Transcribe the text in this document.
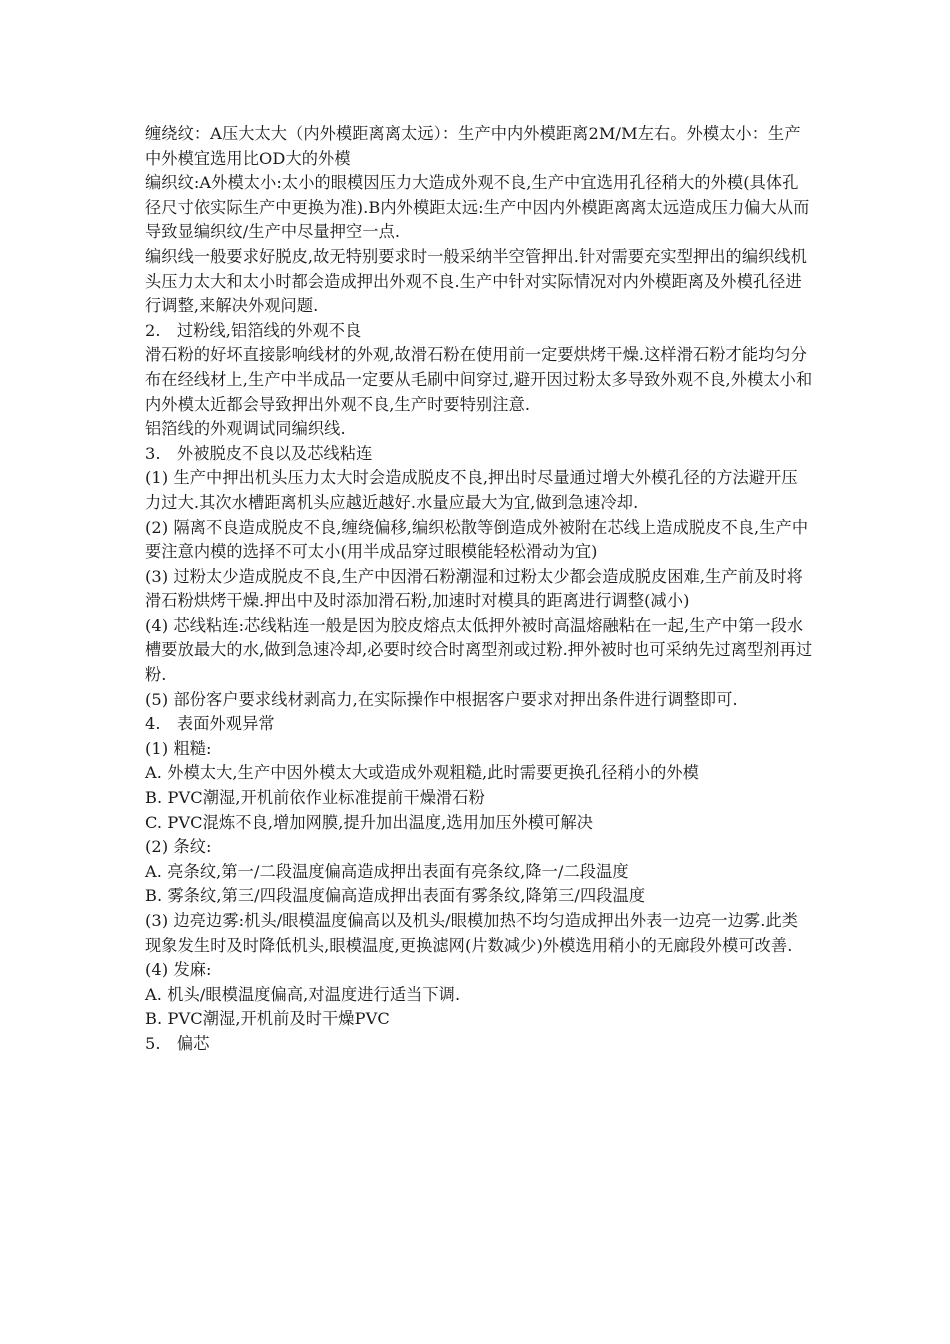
缠绕纹：A压大太大（内外模距离离太远）：生产中内外模距离2M/M左右。外模太小：生产中外模宜选用比OD大的外模

编织纹:A外模太小:太小的眼模因压力大造成外观不良,生产中宜选用孔径稍大的外模(具体孔径尺寸依实际生产中更换为准).B内外模距太远:生产中因内外模距离离太远造成压力偏大从而导致显编织纹/生产中尽量押空一点.

编织线一般要求好脱皮,故无特别要求时一般采纳半空管押出.针对需要充实型押出的编织线机头压力太大和太小时都会造成押出外观不良.生产中针对实际情况对内外模距离及外模孔径进行调整,来解决外观问题.

2.　过粉线,铝箔线的外观不良

滑石粉的好坏直接影响线材的外观,故滑石粉在使用前一定要烘烤干燥.这样滑石粉才能均匀分布在经线材上,生产中半成品一定要从毛刷中间穿过,避开因过粉太多导致外观不良,外模太小和内外模太近都会导致押出外观不良,生产时要特别注意.

铝箔线的外观调试同编织线.

3.　外被脱皮不良以及芯线粘连

(1) 生产中押出机头压力太大时会造成脱皮不良,押出时尽量通过增大外模孔径的方法避开压力过大.其次水槽距离机头应越近越好.水量应最大为宜,做到急速冷却.

(2) 隔离不良造成脱皮不良,缠绕偏移,编织松散等倒造成外被附在芯线上造成脱皮不良,生产中要注意内模的选择不可太小(用半成品穿过眼模能轻松滑动为宜)

(3) 过粉太少造成脱皮不良,生产中因滑石粉潮湿和过粉太少都会造成脱皮困难,生产前及时将滑石粉烘烤干燥.押出中及时添加滑石粉,加速时对模具的距离进行调整(减小)

(4) 芯线粘连:芯线粘连一般是因为胶皮熔点太低押外被时高温熔融粘在一起,生产中第一段水槽要放最大的水,做到急速冷却,必要时绞合时离型剂或过粉.押外被时也可采纳先过离型剂再过粉.

(5) 部份客户要求线材剥高力,在实际操作中根据客户要求对押出条件进行调整即可.

4.　表面外观异常

(1) 粗糙:

A. 外模太大,生产中因外模太大或造成外观粗糙,此时需要更换孔径稍小的外模

B. PVC潮湿,开机前依作业标准提前干燥滑石粉

C. PVC混炼不良,增加网膜,提升加出温度,选用加压外模可解决

(2) 条纹:

A. 亮条纹,第一/二段温度偏高造成押出表面有亮条纹,降一/二段温度

B. 雾条纹,第三/四段温度偏高造成押出表面有雾条纹,降第三/四段温度

(3) 边亮边雾:机头/眼模温度偏高以及机头/眼模加热不均匀造成押出外表一边亮一边雾.此类现象发生时及时降低机头,眼模温度,更换滤网(片数减少)外模选用稍小的无廊段外模可改善.

(4) 发麻:

A. 机头/眼模温度偏高,对温度进行适当下调.

B. PVC潮湿,开机前及时干燥PVC

5.　偏芯
